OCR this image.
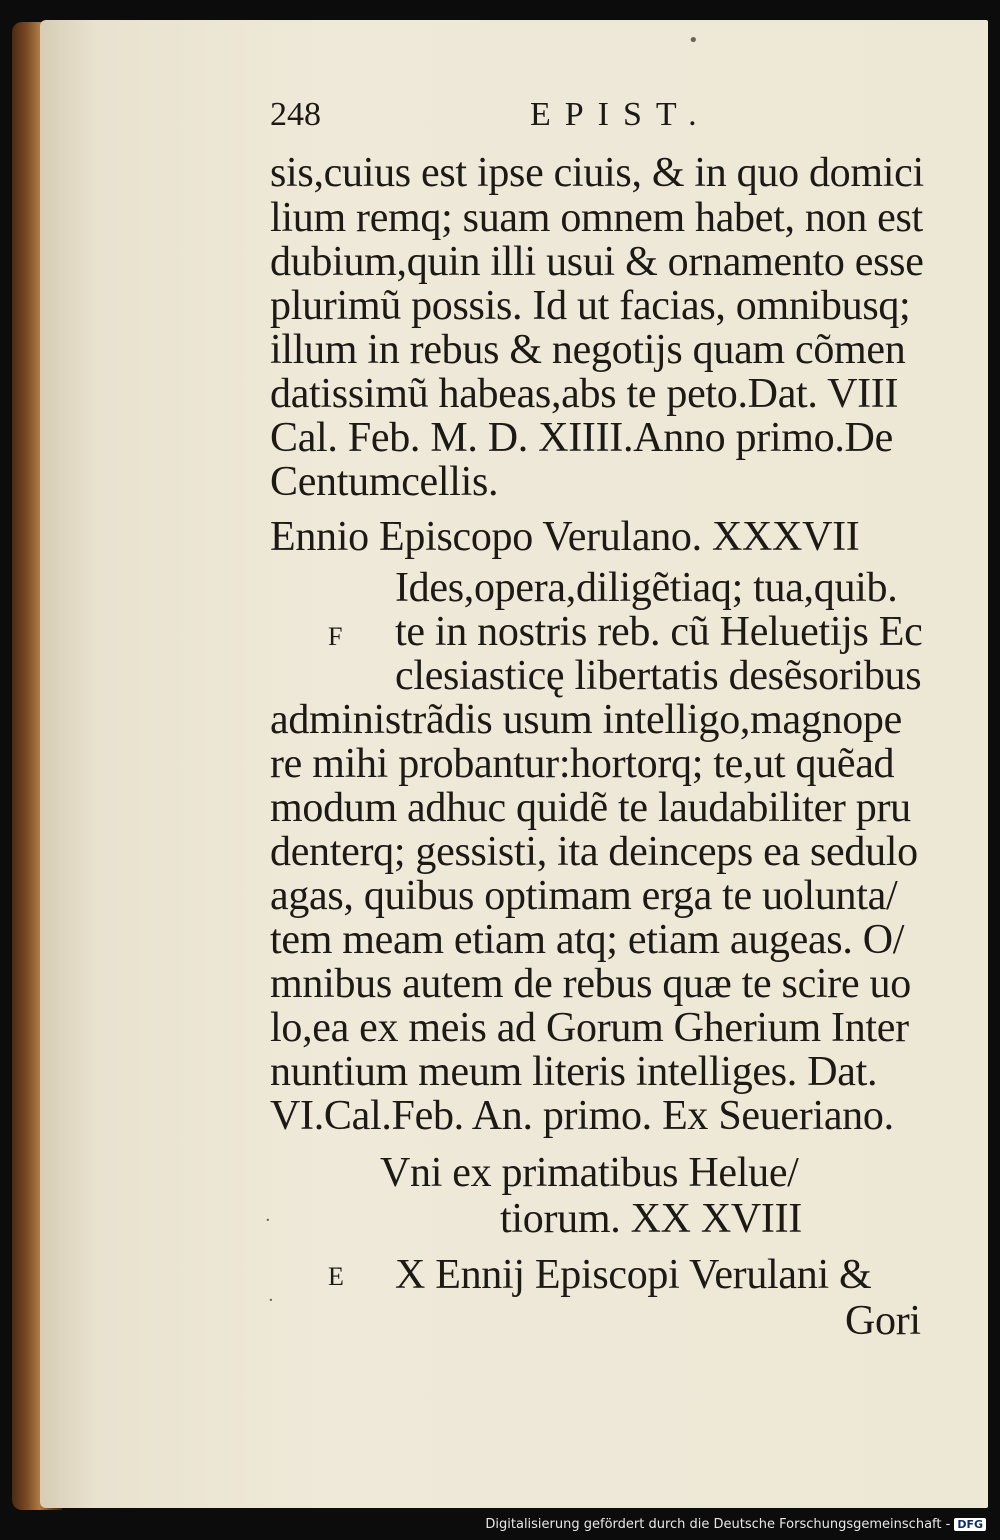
248	EPIST.
sis,cuius est ipse ciuis, & in quo domici
lium remq; suam omnem habet, non est
dubium,quin illi usui & ornamento esse
plurimũ possis. Id ut facias, omnibusq;
illum in rebus & negotijs quam cõmen
datissimũ habeas,abs te peto.Dat. VIII
Cal. Feb. M. D. XIIII.Anno primo.De
Centumcellis.
Ennio Episcopo Verulano. XXXVII
Ides,opera,diligẽtiaq; tua,quib.
te in nostris reb. cũ Heluetijs Ec
clesiasticę libertatis desẽsoribus
administrãdis usum intelligo,magnope
re mihi probantur:hortorq; te,ut quẽad
modum adhuc quidẽ te laudabiliter pru
denterq; gessisti, ita deinceps ea sedulo
agas, quibus optimam erga te uolunta/
tem meam etiam atq; etiam augeas. O/
mnibus autem de rebus quæ te scire uo
lo,ea ex meis ad Gorum Gherium Inter
nuntium meum literis intelliges. Dat.
VI.Cal.Feb. An. primo. Ex Seueriano.
Vni ex primatibus Helue/
tiorum. XX XVIII
X Ennij Episcopi Verulani &
Gori
F
E
•
·
·
Digitalisierung gefördert durch die Deutsche Forschungsgemeinschaft - DFG
